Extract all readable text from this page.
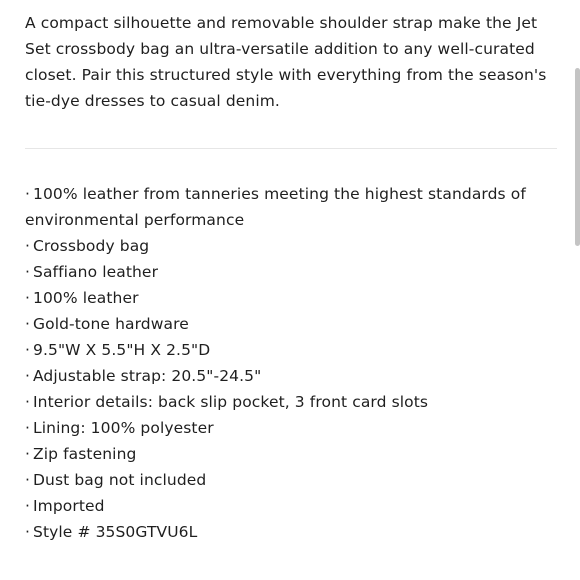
A compact silhouette and removable shoulder strap make the Jet Set crossbody bag an ultra-versatile addition to any well-curated closet. Pair this structured style with everything from the season's tie-dye dresses to casual denim.

· 100% leather from tanneries meeting the highest standards of environmental performance
· Crossbody bag
· Saffiano leather
· 100% leather
· Gold-tone hardware
· 9.5"W X 5.5"H X 2.5"D
· Adjustable strap: 20.5"-24.5"
· Interior details: back slip pocket, 3 front card slots
· Lining: 100% polyester
· Zip fastening
· Dust bag not included
· Imported
· Style # 35S0GTVU6L
